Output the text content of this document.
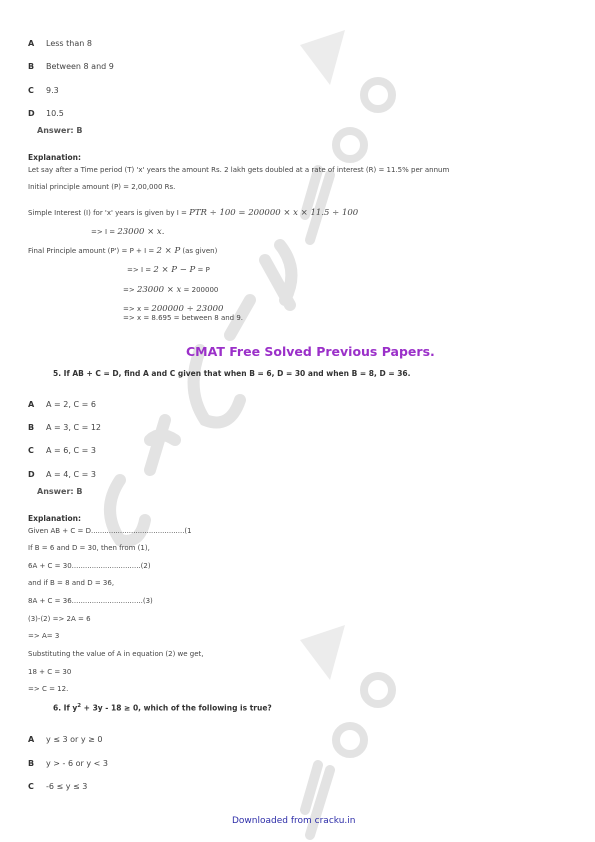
A Less than 8
B Between 8 and 9
C 9.3
D 10.5
Answer: B
Explanation:
Let say after a Time period (T) 'x' years the amount Rs. 2 lakh gets doubled at a rate of interest (R) = 11.5% per annum
Initial principle amount (P) = 2,00,000 Rs.
Simple Interest (I) for 'x' years is given by I = PTR ÷ 100 = 200000 × x × 11.5 ÷ 100
=> I = 23000 × x.
Final Principle amount (P') = P + I = 2 × P (as given)
=> I = 2 × P − P = P
=> 23000 × x = 200000
=> x = 200000 ÷ 23000
=> x = 8.695 = between 8 and 9.
CMAT Free Solved Previous Papers.
5. If AB + C = D, find A and C given that when B = 6, D = 30 and when B = 8, D = 36.
A A = 2, C = 6
B A = 3, C = 12
C A = 6, C = 3
D A = 4, C = 3
Answer: B
Explanation:
Given AB + C = D..........................................(1
If B = 6 and D = 30, then from (1),
6A + C = 30...............................(2)
and if B = 8 and D = 36,
8A + C = 36................................(3)
(3)-(2) => 2A = 6
=> A= 3
Substituting the value of A in equation (2) we get,
18 + C = 30
=> C = 12.
6. If $y^2 + 3y - 18 \ge 0$, which of the following is true?
A y ≤ 3 or y ≥ 0
B y > - 6 or y < 3
C -6 ≤ y ≤ 3
Downloaded from cracku.in
